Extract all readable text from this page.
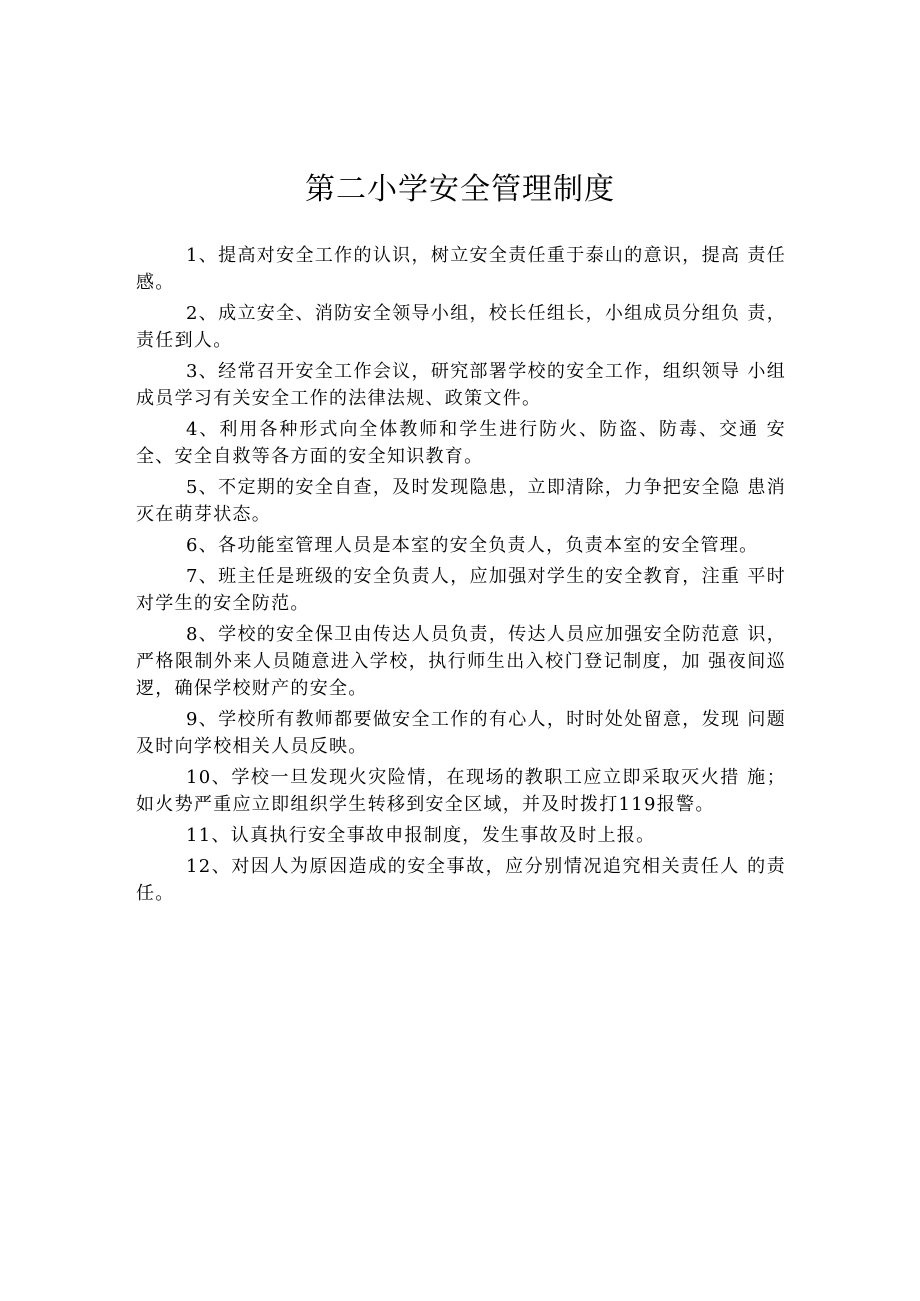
第二小学安全管理制度

1、提高对安全工作的认识，树立安全责任重于泰山的意识，提高 责任感。

2、成立安全、消防安全领导小组，校长任组长，小组成员分组负 责，责任到人。

3、经常召开安全工作会议，研究部署学校的安全工作，组织领导 小组成员学习有关安全工作的法律法规、政策文件。

4、利用各种形式向全体教师和学生进行防火、防盗、防毒、交通 安全、安全自救等各方面的安全知识教育。

5、不定期的安全自查，及时发现隐患，立即清除，力争把安全隐 患消灭在萌芽状态。

6、各功能室管理人员是本室的安全负责人，负责本室的安全管理。

7、班主任是班级的安全负责人，应加强对学生的安全教育，注重 平时对学生的安全防范。

8、学校的安全保卫由传达人员负责，传达人员应加强安全防范意 识，严格限制外来人员随意进入学校，执行师生出入校门登记制度，加 强夜间巡逻，确保学校财产的安全。

9、学校所有教师都要做安全工作的有心人，时时处处留意，发现 问题及时向学校相关人员反映。

10、学校一旦发现火灾险情，在现场的教职工应立即采取灭火措 施；如火势严重应立即组织学生转移到安全区域，并及时拨打119报警。

11、认真执行安全事故申报制度，发生事故及时上报。

12、对因人为原因造成的安全事故，应分别情况追究相关责任人 的责任。
